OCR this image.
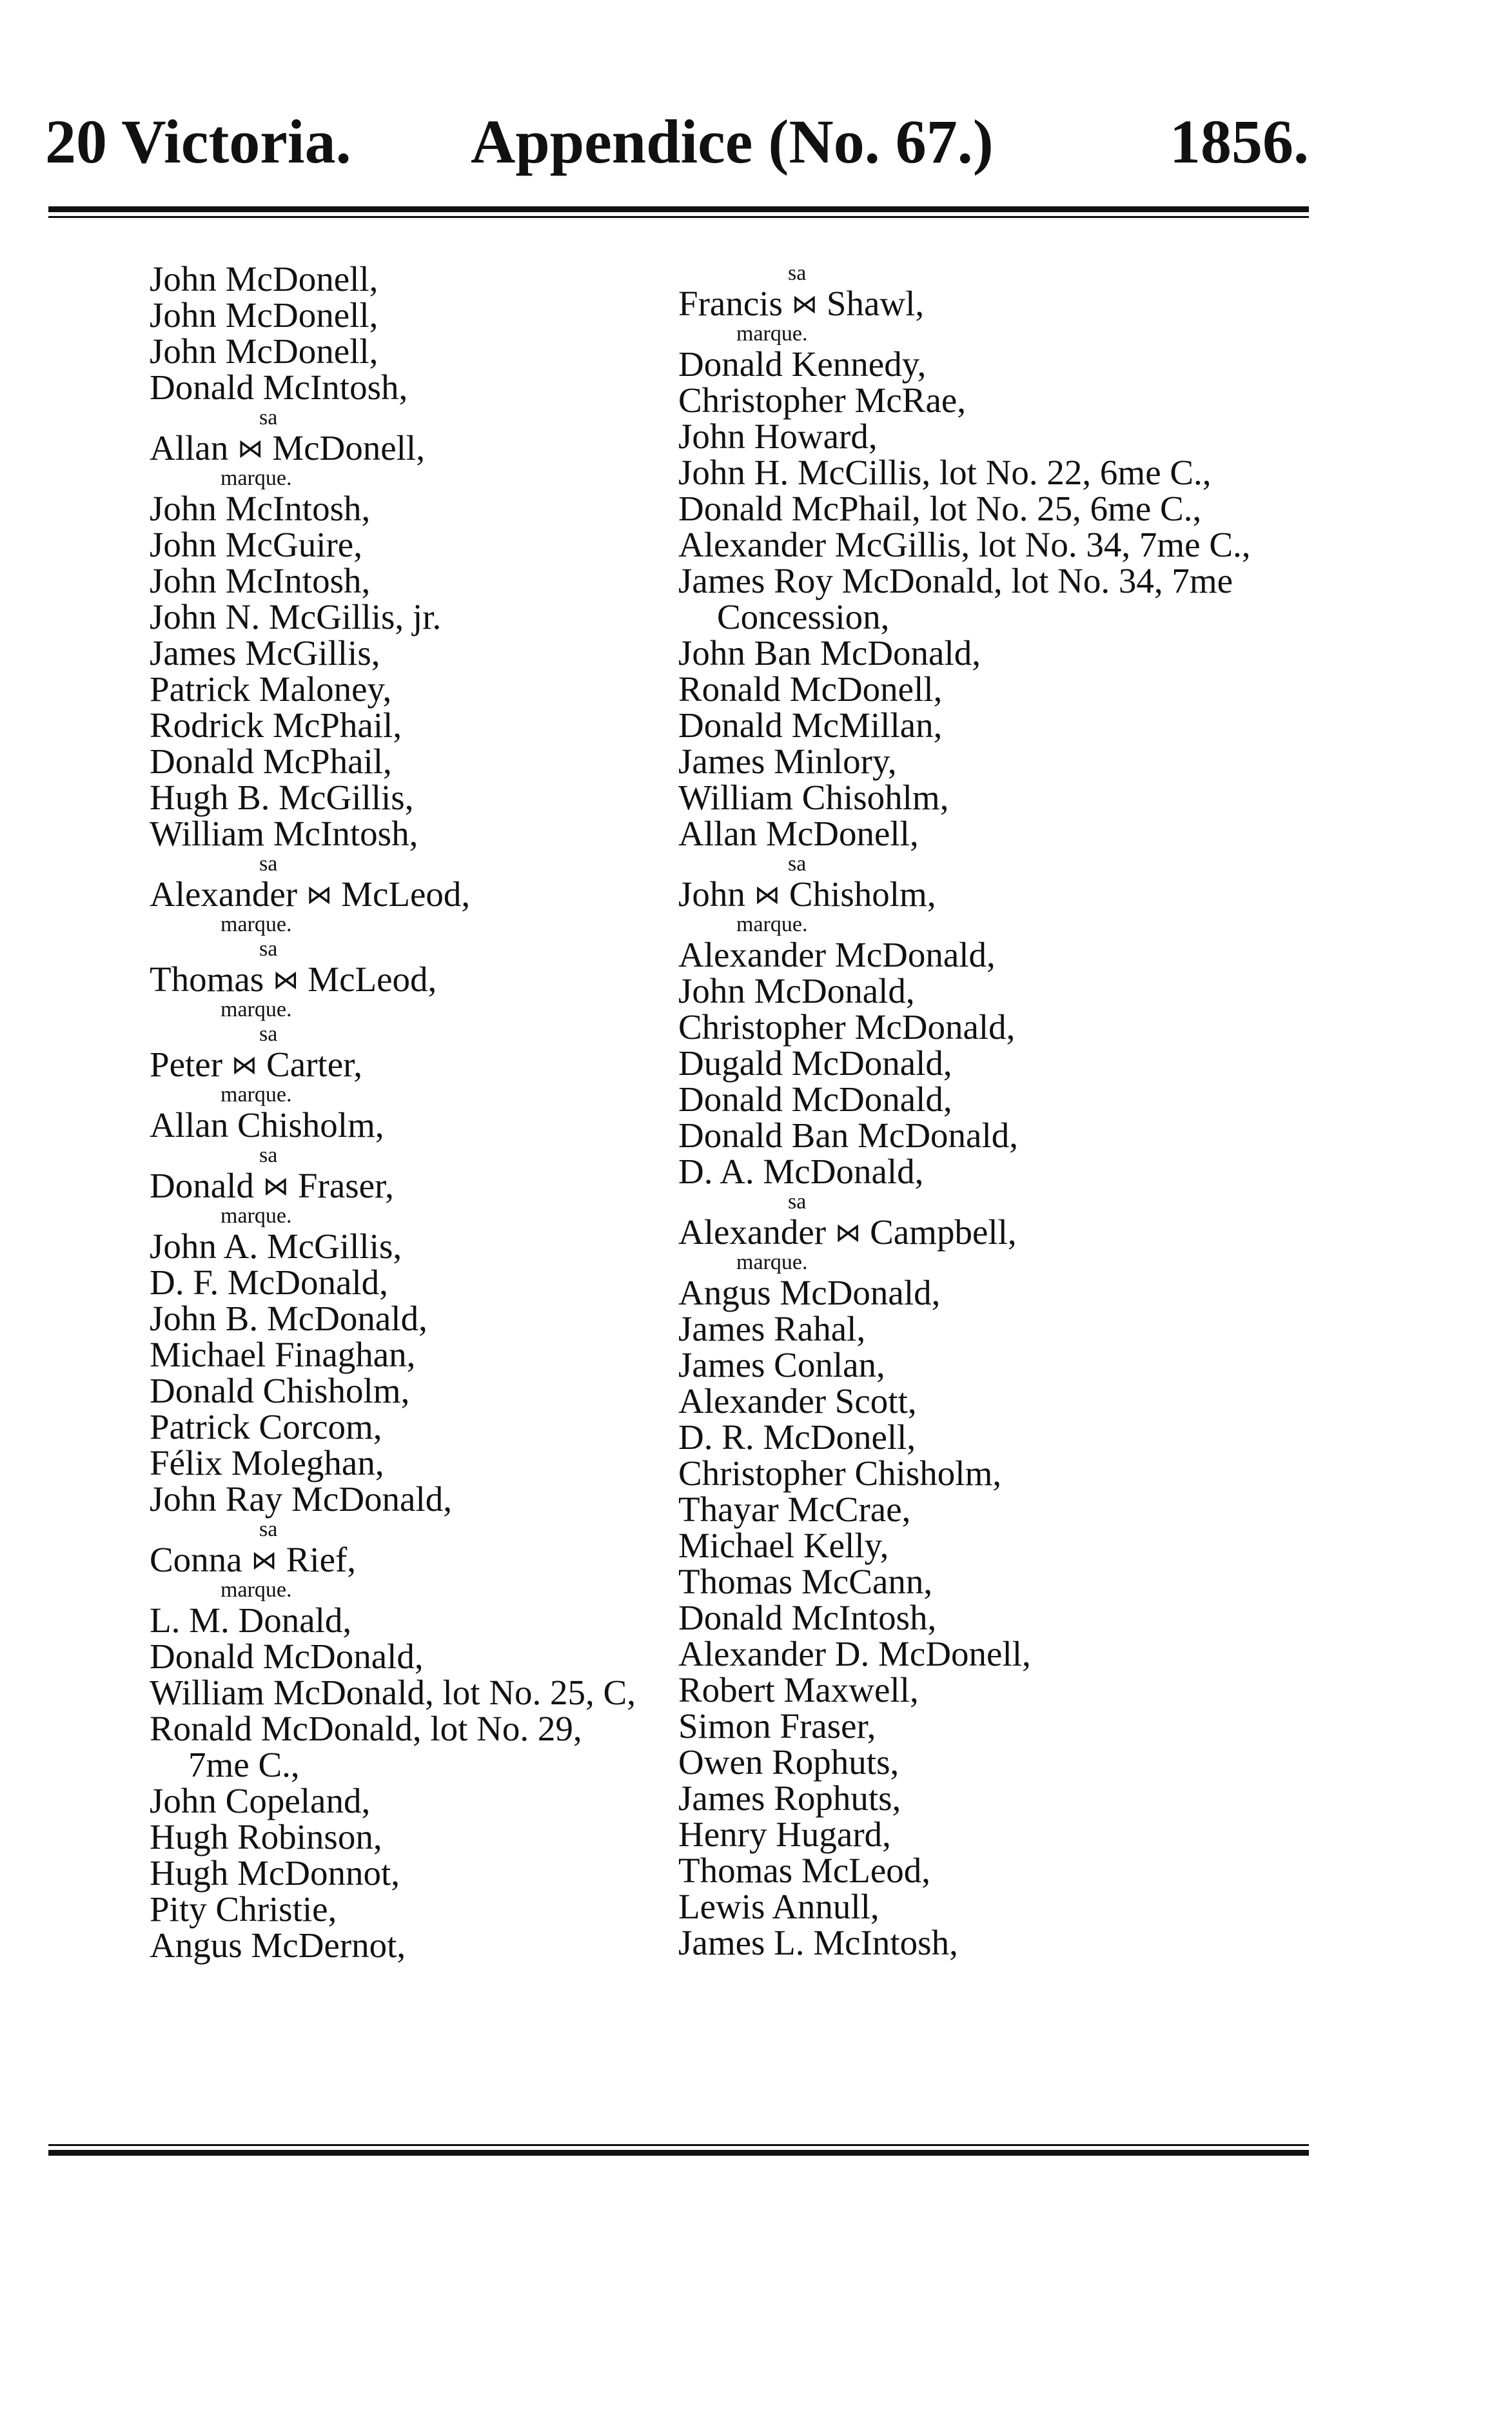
20 Victoria. Appendice (No. 67.)	1856.
John McDonell,
John McDonell,
John McDonell,
Donald McIntosh,
sa
Allan ⋈ McDonell,
marque.
John McIntosh,
John McGuire,
John McIntosh,
John N. McGillis, jr.
James McGillis,
Patrick Maloney,
Rodrick McPhail,
Donald McPhail,
Hugh B. McGillis,
William McIntosh,
sa
Alexander ⋈ McLeod,
marque.
sa
Thomas ⋈ McLeod,
marque.
sa
Peter ⋈ Carter,
marque.
Allan Chisholm,
sa
Donald ⋈ Fraser,
marque.
John A. McGillis,
D. F. McDonald,
John B. McDonald,
Michael Finaghan,
Donald Chisholm,
Patrick Corcom,
Félix Moleghan,
John Ray McDonald,
sa
Conna ⋈ Rief,
marque.
L. M. Donald,
Donald McDonald,
William McDonald, lot No. 25, C,
Ronald McDonald, lot No. 29,
7me C.,
John Copeland,
Hugh Robinson,
Hugh McDonnot,
Pity Christie,
Angus McDernot,
sa
Francis ⋈ Shawl,
marque.
Donald Kennedy,
Christopher McRae,
John Howard,
John H. McCillis, lot No. 22, 6me C.,
Donald McPhail, lot No. 25, 6me C.,
Alexander McGillis, lot No. 34, 7me C.,
James Roy McDonald, lot No. 34, 7me
Concession,
John Ban McDonald,
Ronald McDonell,
Donald McMillan,
James Minlory,
William Chisohlm,
Allan McDonell,
sa
John ⋈ Chisholm,
marque.
Alexander McDonald,
John McDonald,
Christopher McDonald,
Dugald McDonald,
Donald McDonald,
Donald Ban McDonald,
D. A. McDonald,
sa
Alexander ⋈ Campbell,
marque.
Angus McDonald,
James Rahal,
James Conlan,
Alexander Scott,
D. R. McDonell,
Christopher Chisholm,
Thayar McCrae,
Michael Kelly,
Thomas McCann,
Donald McIntosh,
Alexander D. McDonell,
Robert Maxwell,
Simon Fraser,
Owen Rophuts,
James Rophuts,
Henry Hugard,
Thomas McLeod,
Lewis Annull,
James L. McIntosh,
